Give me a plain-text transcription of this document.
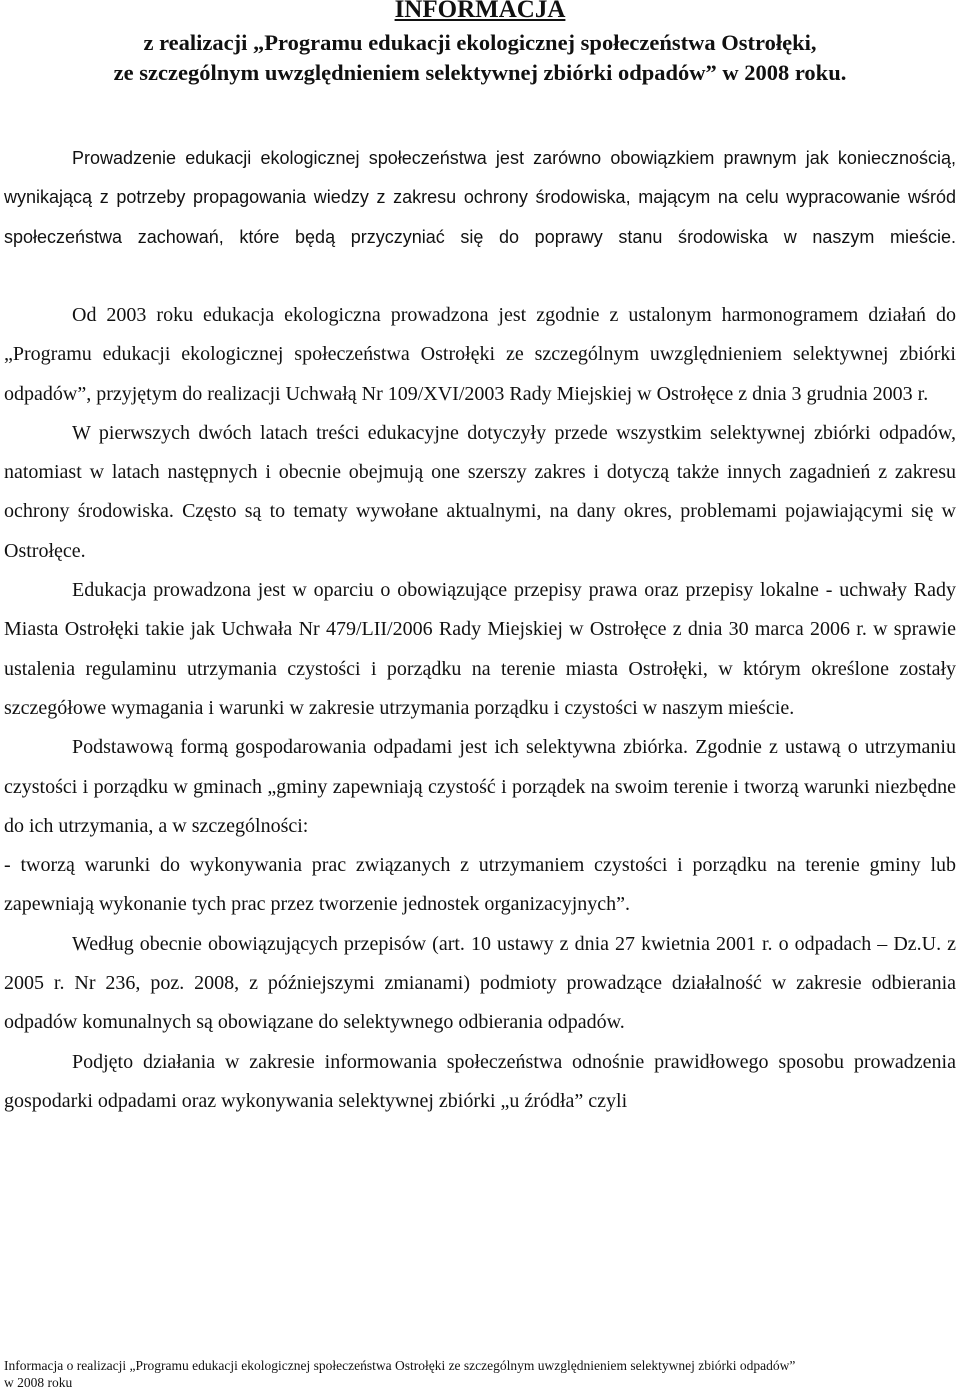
INFORMACJA
z realizacji „Programu edukacji ekologicznej społeczeństwa Ostrołęki,
ze szczególnym uwzględnieniem selektywnej zbiórki odpadów” w 2008 roku.

Prowadzenie edukacji ekologicznej społeczeństwa jest zarówno obowiązkiem prawnym jak koniecznością, wynikającą z potrzeby propagowania wiedzy z zakresu ochrony środowiska, mającym na celu wypracowanie wśród społeczeństwa zachowań, które będą przyczyniać się do poprawy stanu środowiska w naszym mieście.

Od 2003 roku edukacja ekologiczna prowadzona jest zgodnie z ustalonym harmonogramem działań do „Programu edukacji ekologicznej społeczeństwa Ostrołęki ze szczególnym uwzględnieniem selektywnej zbiórki odpadów”, przyjętym do realizacji Uchwałą Nr 109/XVI/2003 Rady Miejskiej w Ostrołęce z dnia 3 grudnia 2003 r.

W pierwszych dwóch latach treści edukacyjne dotyczyły przede wszystkim selektywnej zbiórki odpadów, natomiast w latach następnych i obecnie obejmują one szerszy zakres i dotyczą także innych zagadnień z zakresu ochrony środowiska. Często są to tematy wywołane aktualnymi, na dany okres, problemami pojawiającymi się w Ostrołęce.

Edukacja prowadzona jest w oparciu o obowiązujące przepisy prawa oraz przepisy lokalne - uchwały Rady Miasta Ostrołęki takie jak Uchwała Nr 479/LII/2006 Rady Miejskiej w Ostrołęce z dnia 30 marca 2006 r. w sprawie ustalenia regulaminu utrzymania czystości i porządku na terenie miasta Ostrołęki, w którym określone zostały szczegółowe wymagania i warunki w zakresie utrzymania porządku i czystości w naszym mieście.

Podstawową formą gospodarowania odpadami jest ich selektywna zbiórka. Zgodnie z ustawą o utrzymaniu czystości i porządku w gminach „gminy zapewniają czystość i porządek na swoim terenie i tworzą warunki niezbędne do ich utrzymania, a w szczególności:

- tworzą warunki do wykonywania prac związanych z utrzymaniem czystości i porządku na terenie gminy lub zapewniają wykonanie tych prac przez tworzenie jednostek organizacyjnych”.

Według obecnie obowiązujących przepisów (art. 10 ustawy z dnia 27 kwietnia 2001 r. o odpadach – Dz.U. z 2005 r. Nr 236, poz. 2008, z późniejszymi zmianami) podmioty prowadzące działalność w zakresie odbierania odpadów komunalnych są obowiązane do selektywnego odbierania odpadów.

Podjęto działania w zakresie informowania społeczeństwa odnośnie prawidłowego sposobu prowadzenia gospodarki odpadami oraz wykonywania selektywnej zbiórki „u źródła” czyli

Informacja o realizacji „Programu edukacji ekologicznej społeczeństwa Ostrołęki ze szczególnym uwzględnieniem selektywnej zbiórki odpadów”
w 2008 roku
